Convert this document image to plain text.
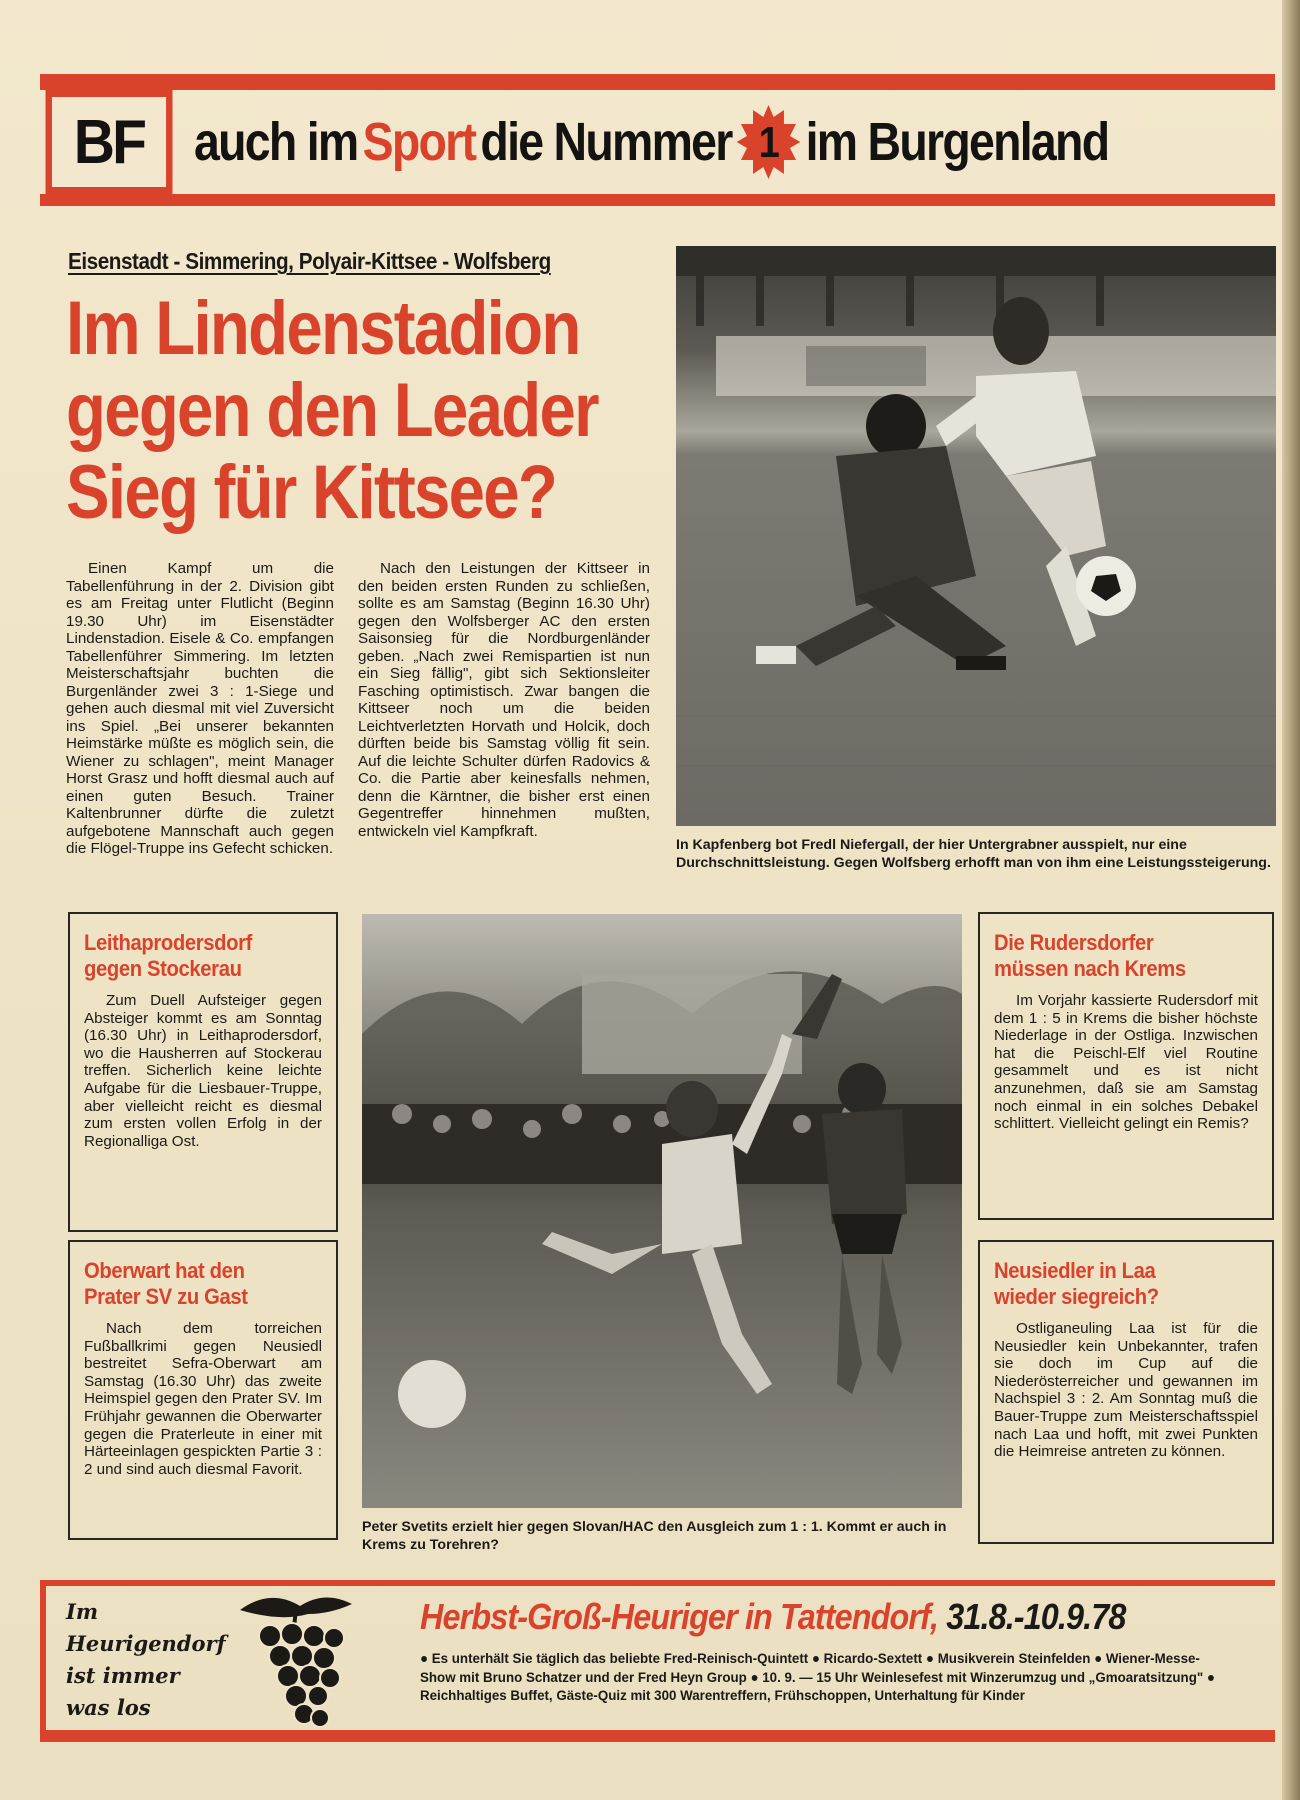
BF auch im Sport die Nummer 1 im Burgenland
Eisenstadt - Simmering, Polyair-Kittsee - Wolfsberg
Im Lindenstadion
gegen den Leader
Sieg für Kittsee?

Einen Kampf um die Tabellenführung in der 2. Division gibt es am Freitag unter Flutlicht (Beginn 19.30 Uhr) im Eisenstädter Lindenstadion. Eisele & Co. empfangen Tabellenführer Simmering. Im letzten Meisterschaftsjahr buchten die Burgenländer zwei 3 : 1-Siege und gehen auch diesmal mit viel Zuversicht ins Spiel. „Bei unserer bekannten Heimstärke müßte es möglich sein, die Wiener zu schlagen", meint Manager Horst Grasz und hofft diesmal auch auf einen guten Besuch. Trainer Kaltenbrunner dürfte die zuletzt aufgebotene Mannschaft auch gegen die Flögel-Truppe ins Gefecht schicken.

Nach den Leistungen der Kittseer in den beiden ersten Runden zu schließen, sollte es am Samstag (Beginn 16.30 Uhr) gegen den Wolfsberger AC den ersten Saisonsieg für die Nordburgenländer geben. „Nach zwei Remispartien ist nun ein Sieg fällig", gibt sich Sektionsleiter Fasching optimistisch. Zwar bangen die Kittseer noch um die beiden Leichtverletzten Horvath und Holcik, doch dürften beide bis Samstag völlig fit sein. Auf die leichte Schulter dürfen Radovics & Co. die Partie aber keinesfalls nehmen, denn die Kärntner, die bisher erst einen Gegentreffer hinnehmen mußten, entwickeln viel Kampfkraft.

In Kapfenberg bot Fredl Niefergall, der hier Untergrabner ausspielt, nur eine Durchschnittsleistung. Gegen Wolfsberg erhofft man von ihm eine Leistungssteigerung.

Peter Svetits erzielt hier gegen Slovan/HAC den Ausgleich zum 1 : 1. Kommt er auch in Krems zu Torehren?

Leithaprodersdorf
gegen Stockerau

Zum Duell Aufsteiger gegen Absteiger kommt es am Sonntag (16.30 Uhr) in Leithaprodersdorf, wo die Hausherren auf Stockerau treffen. Sicherlich keine leichte Aufgabe für die Liesbauer-Truppe, aber vielleicht reicht es diesmal zum ersten vollen Erfolg in der Regionalliga Ost.

Oberwart hat den
Prater SV zu Gast

Nach dem torreichen Fußballkrimi gegen Neusiedl bestreitet Sefra-Oberwart am Samstag (16.30 Uhr) das zweite Heimspiel gegen den Prater SV. Im Frühjahr gewannen die Oberwarter gegen die Praterleute in einer mit Härteeinlagen gespickten Partie 3 : 2 und sind auch diesmal Favorit.

Die Rudersdorfer
müssen nach Krems

Im Vorjahr kassierte Rudersdorf mit dem 1 : 5 in Krems die bisher höchste Niederlage in der Ostliga. Inzwischen hat die Peischl-Elf viel Routine gesammelt und es ist nicht anzunehmen, daß sie am Samstag noch einmal in ein solches Debakel schlittert. Vielleicht gelingt ein Remis?

Neusiedler in Laa
wieder siegreich?

Ostliganeuling Laa ist für die Neusiedler kein Unbekannter, trafen sie doch im Cup auf die Niederösterreicher und gewannen im Nachspiel 3 : 2. Am Sonntag muß die Bauer-Truppe zum Meisterschaftsspiel nach Laa und hofft, mit zwei Punkten die Heimreise antreten zu können.

Im
Heurigendorf
ist immer
was los
Herbst-Groß-Heuriger in Tattendorf, 31.8.-10.9.78

● Es unterhält Sie täglich das beliebte Fred-Reinisch-Quintett ● Ricardo-Sextett ● Musikverein Steinfelden ● Wiener-Messe-Show mit Bruno Schatzer und der Fred Heyn Group ● 10. 9. — 15 Uhr Weinlesefest mit Winzerumzug und „Gmoaratsitzung" ● Reichhaltiges Buffet, Gäste-Quiz mit 300 Warentreffern, Frühschoppen, Unterhaltung für Kinder
